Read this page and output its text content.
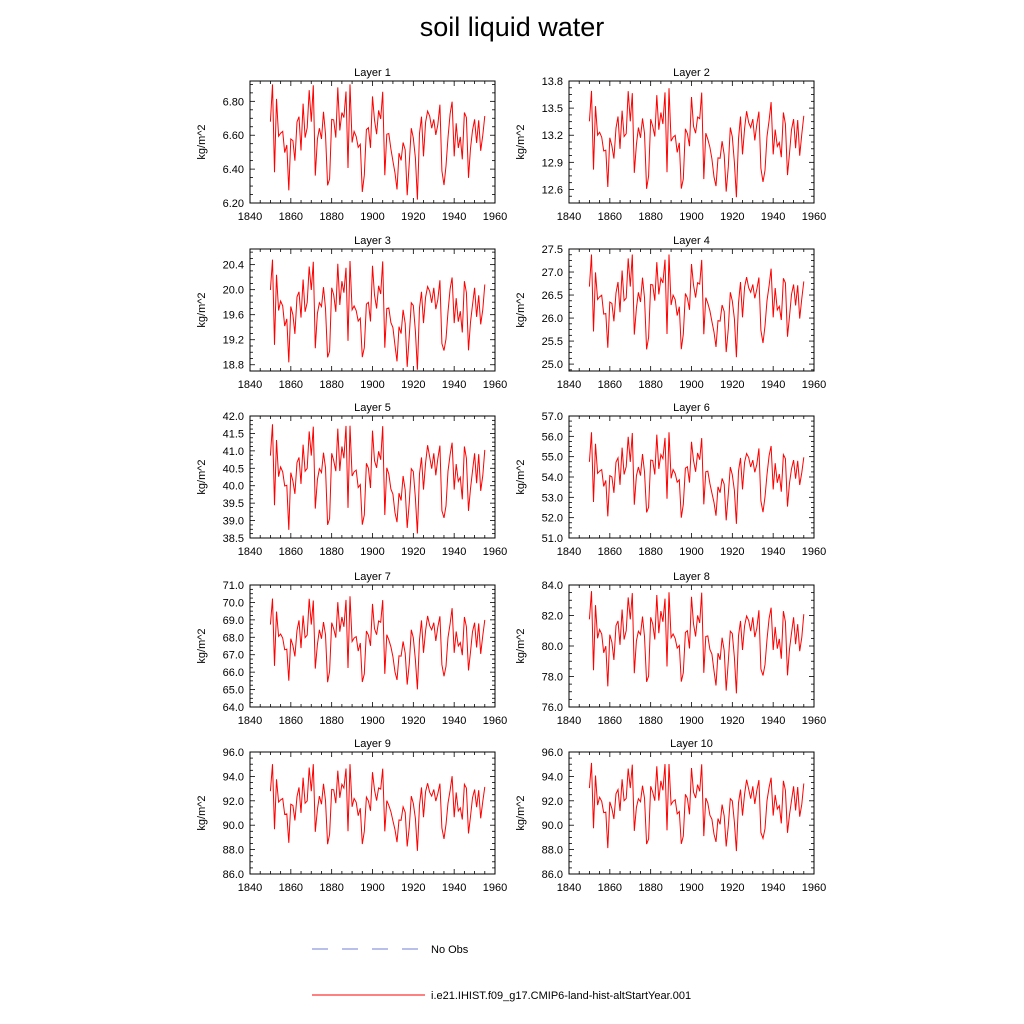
soil liquid water
Layer 1
kg/m^2
1840 1860 1880 1900 1920 1940 1960
6.20
6.40
6.60
6.80
Layer 2
kg/m^2
1840 1860 1880 1900 1920 1940 1960
12.6
12.9
13.2
13.5
13.8
Layer 3
kg/m^2
1840 1860 1880 1900 1920 1940 1960
18.8
19.2
19.6
20.0
20.4
Layer 4
kg/m^2
1840 1860 1880 1900 1920 1940 1960
25.0
25.5
26.0
26.5
27.0
27.5
Layer 5
kg/m^2
1840 1860 1880 1900 1920 1940 1960
38.5
39.0
39.5
40.0
40.5
41.0
41.5
42.0
Layer 6
kg/m^2
1840 1860 1880 1900 1920 1940 1960
51.0
52.0
53.0
54.0
55.0
56.0
57.0
Layer 7
kg/m^2
1840 1860 1880 1900 1920 1940 1960
64.0
65.0
66.0
67.0
68.0
69.0
70.0
71.0
Layer 8
kg/m^2
1840 1860 1880 1900 1920 1940 1960
76.0
78.0
80.0
82.0
84.0
Layer 9
kg/m^2
1840 1860 1880 1900 1920 1940 1960
86.0
88.0
90.0
92.0
94.0
96.0
Layer 10
kg/m^2
1840 1860 1880 1900 1920 1940 1960
86.0
88.0
90.0
92.0
94.0
96.0
No Obs
i.e21.IHIST.f09_g17.CMIP6-land-hist-altStartYear.001
